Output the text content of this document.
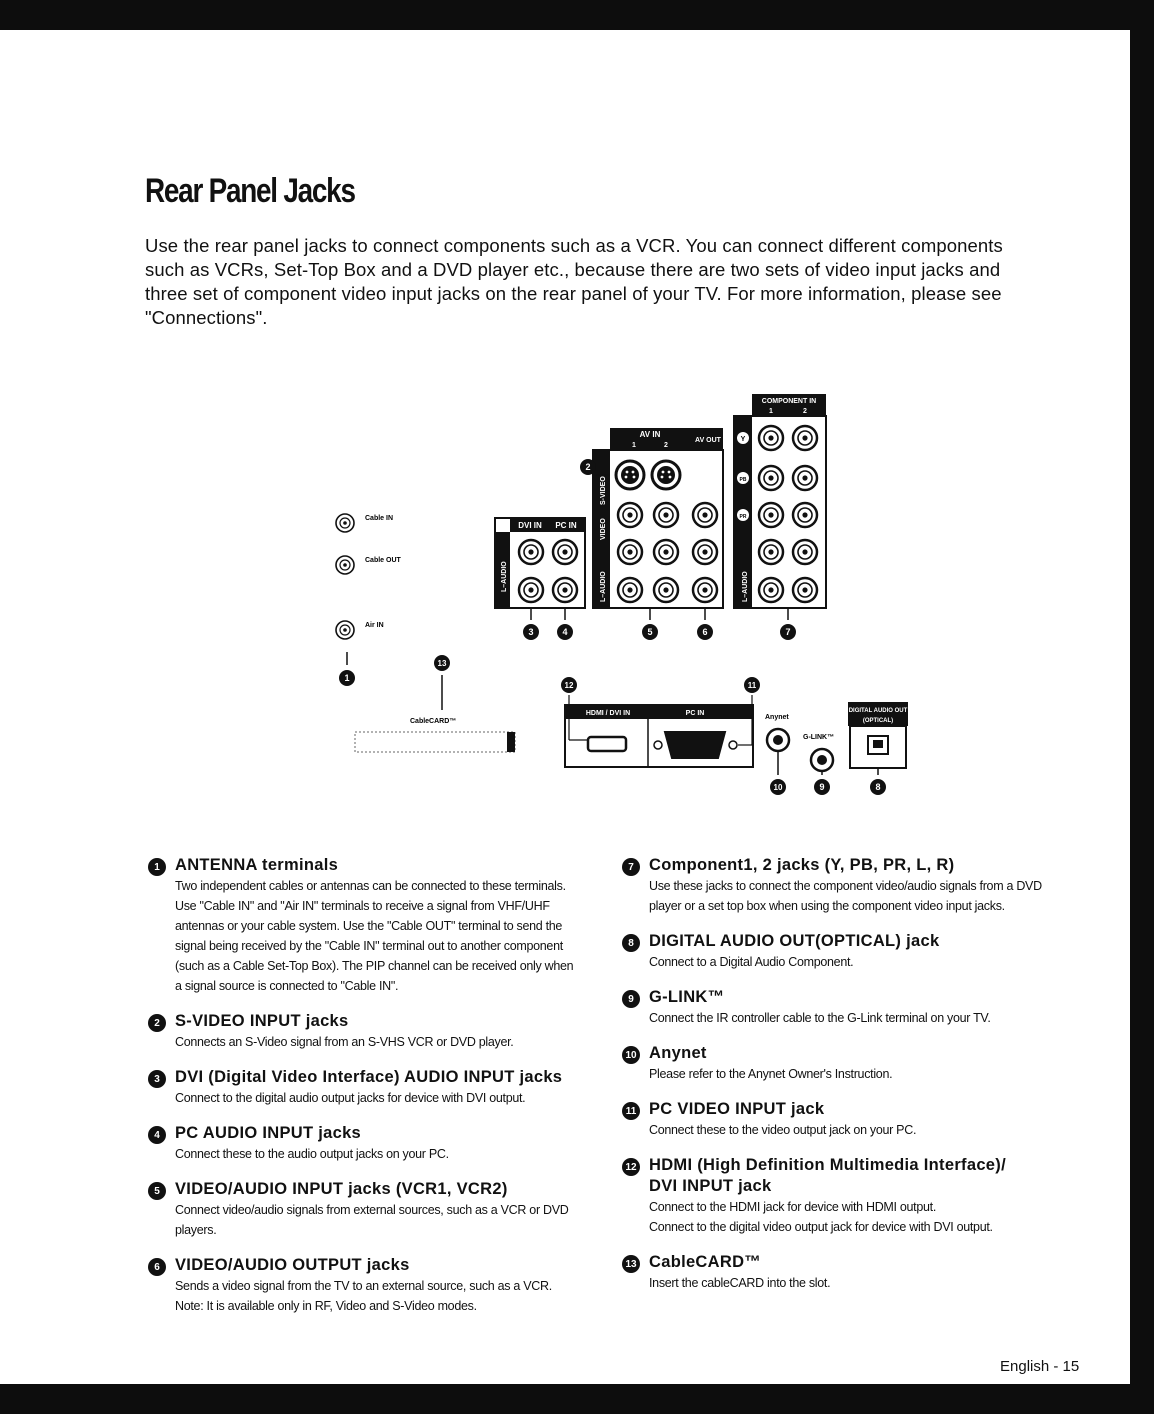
Rear Panel Jacks

Use the rear panel jacks to connect components such as a VCR. You can connect different components such as VCRs, Set-Top Box and a DVD player etc., because there are two sets of video input jacks and three set of component video input jacks on the rear panel of your TV. For more information, please see "Connections".

Cable IN
Cable OUT
Air IN
1
13
CableCARD™
DVI IN PC IN
L–AUDIO
3	4
AV IN
1	2
AV OUT
S-VIDEO
VIDEO
L–AUDIO
2
5	6
COMPONENT IN
1	2
Y
PB
PR
L–AUDIO
7
12	11
HDMI / DVI IN	PC IN
Anynet
G-LINK™
DIGITAL AUDIO OUT
(OPTICAL)
10	9	8
1 ANTENNA terminals
Two independent cables or antennas can be connected to these terminals.
Use "Cable IN" and "Air IN" terminals to receive a signal from VHF/UHF
antennas or your cable system. Use the "Cable OUT" terminal to send the
signal being received by the "Cable IN" terminal out to another component
(such as a Cable Set-Top Box). The PIP channel can be received only when
a signal source is connected to "Cable IN".
2 S-VIDEO INPUT jacks
Connects an S-Video signal from an S-VHS VCR or DVD player.
3 DVI (Digital Video Interface) AUDIO INPUT jacks
Connect to the digital audio output jacks for device with DVI output.
4 PC AUDIO INPUT jacks
Connect these to the audio output jacks on your PC.
5 VIDEO/AUDIO INPUT jacks (VCR1, VCR2)
Connect video/audio signals from external sources, such as a VCR or DVD
players.
6 VIDEO/AUDIO OUTPUT jacks
Sends a video signal from the TV to an external source, such as a VCR.
Note: It is available only in RF, Video and S-Video modes.
7 Component1, 2 jacks (Y, PB, PR, L, R)
Use these jacks to connect the component video/audio signals from a DVD
player or a set top box when using the component video input jacks.
8 DIGITAL AUDIO OUT(OPTICAL) jack
Connect to a Digital Audio Component.
9 G-LINK™
Connect the IR controller cable to the G-Link terminal on your TV.
10 Anynet
Please refer to the Anynet Owner's Instruction.
11 PC VIDEO INPUT jack
Connect these to the video output jack on your PC.
12 HDMI (High Definition Multimedia Interface)/
DVI INPUT jack
Connect to the HDMI jack for device with HDMI output.
Connect to the digital video output jack for device with DVI output.
13 CableCARD™
Insert the cableCARD into the slot.
English - 15
